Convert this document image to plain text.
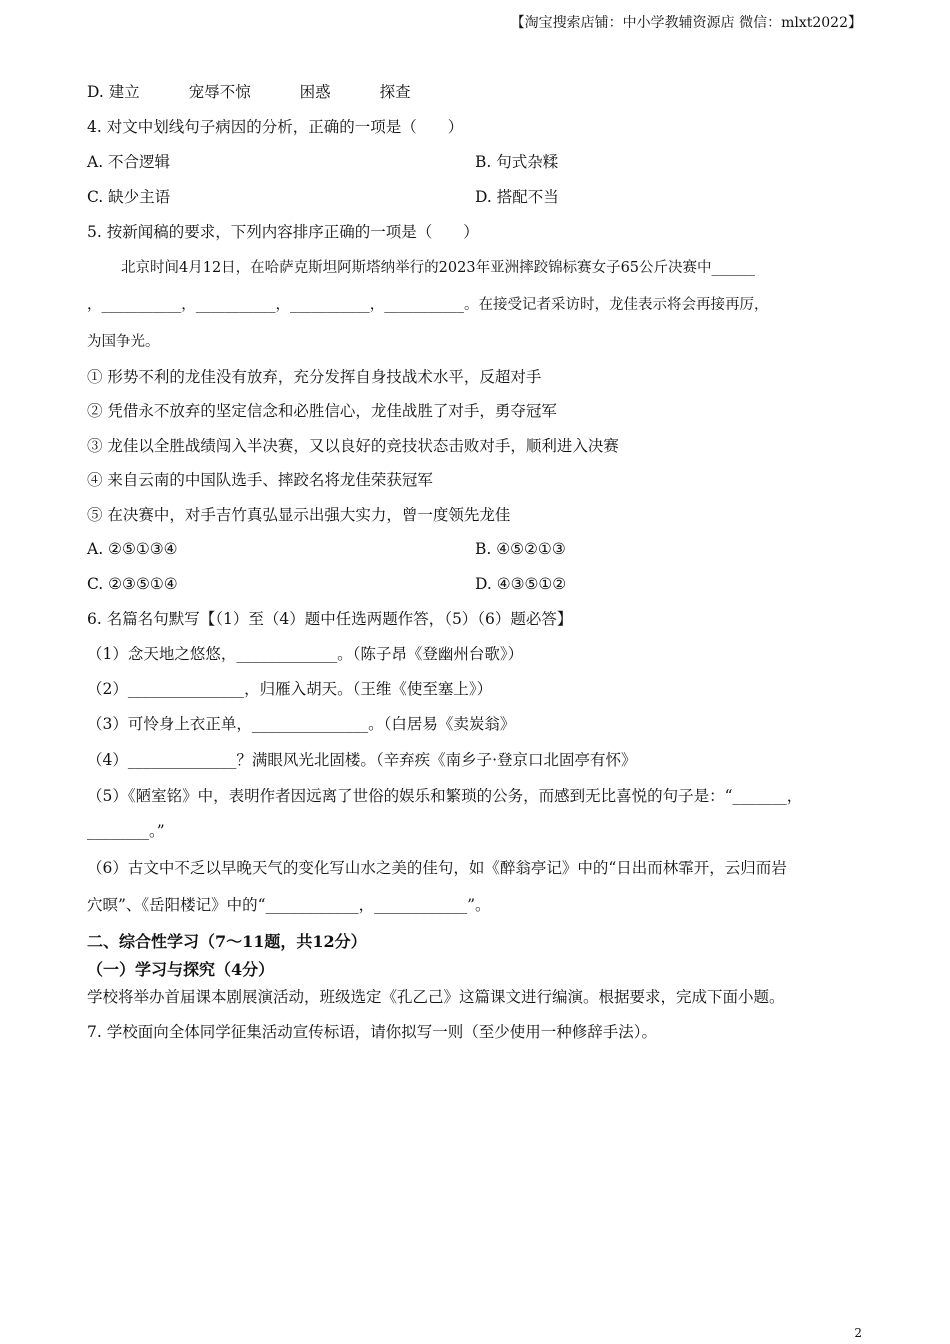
【淘宝搜索店铺：中小学教辅资源店 微信：mlxt2022】
D. 建立	宠辱不惊	困惑	探查
4. 对文中划线句子病因的分析，正确的一项是（　　）
A. 不合逻辑	B. 句式杂糅
C. 缺少主语	D. 搭配不当
5. 按新闻稿的要求，下列内容排序正确的一项是（　　）
北京时间4月12日，在哈萨克斯坦阿斯塔纳举行的2023年亚洲摔跤锦标赛女子65公斤决赛中______
，___________，___________，___________，___________。在接受记者采访时，龙佳表示将会再接再厉，
为国争光。
① 形势不利的龙佳没有放弃，充分发挥自身技战术水平，反超对手
② 凭借永不放弃的坚定信念和必胜信心，龙佳战胜了对手，勇夺冠军
③ 龙佳以全胜战绩闯入半决赛，又以良好的竞技状态击败对手，顺利进入决赛
④ 来自云南的中国队选手、摔跤名将龙佳荣获冠军
⑤ 在决赛中，对手吉竹真弘显示出强大实力，曾一度领先龙佳
A. ②⑤①③④	B. ④⑤②①③
C. ②③⑤①④	D. ④③⑤①②
6. 名篇名句默写【（1）至（4）题中任选两题作答，（5）（6）题必答】
（1）念天地之悠悠，_____________。（陈子昂《登幽州台歌》）
（2）_______________，归雁入胡天。（王维《使至塞上》）
（3）可怜身上衣正单，_______________。（白居易《卖炭翁》
（4）______________？满眼风光北固楼。（辛弃疾《南乡子·登京口北固亭有怀》
（5）《陋室铭》中，表明作者因远离了世俗的娱乐和繁琐的公务，而感到无比喜悦的句子是：“_______，
________。”
（6）古文中不乏以早晚天气的变化写山水之美的佳句，如《醉翁亭记》中的“日出而林霏开，云归而岩
穴暝”、《岳阳楼记》中的“____________，____________”。
二、综合性学习（7～11题，共12分）
（一）学习与探究（4分）
学校将举办首届课本剧展演活动，班级选定《孔乙己》这篇课文进行编演。根据要求，完成下面小题。
7. 学校面向全体同学征集活动宣传标语，请你拟写一则（至少使用一种修辞手法）。
2
